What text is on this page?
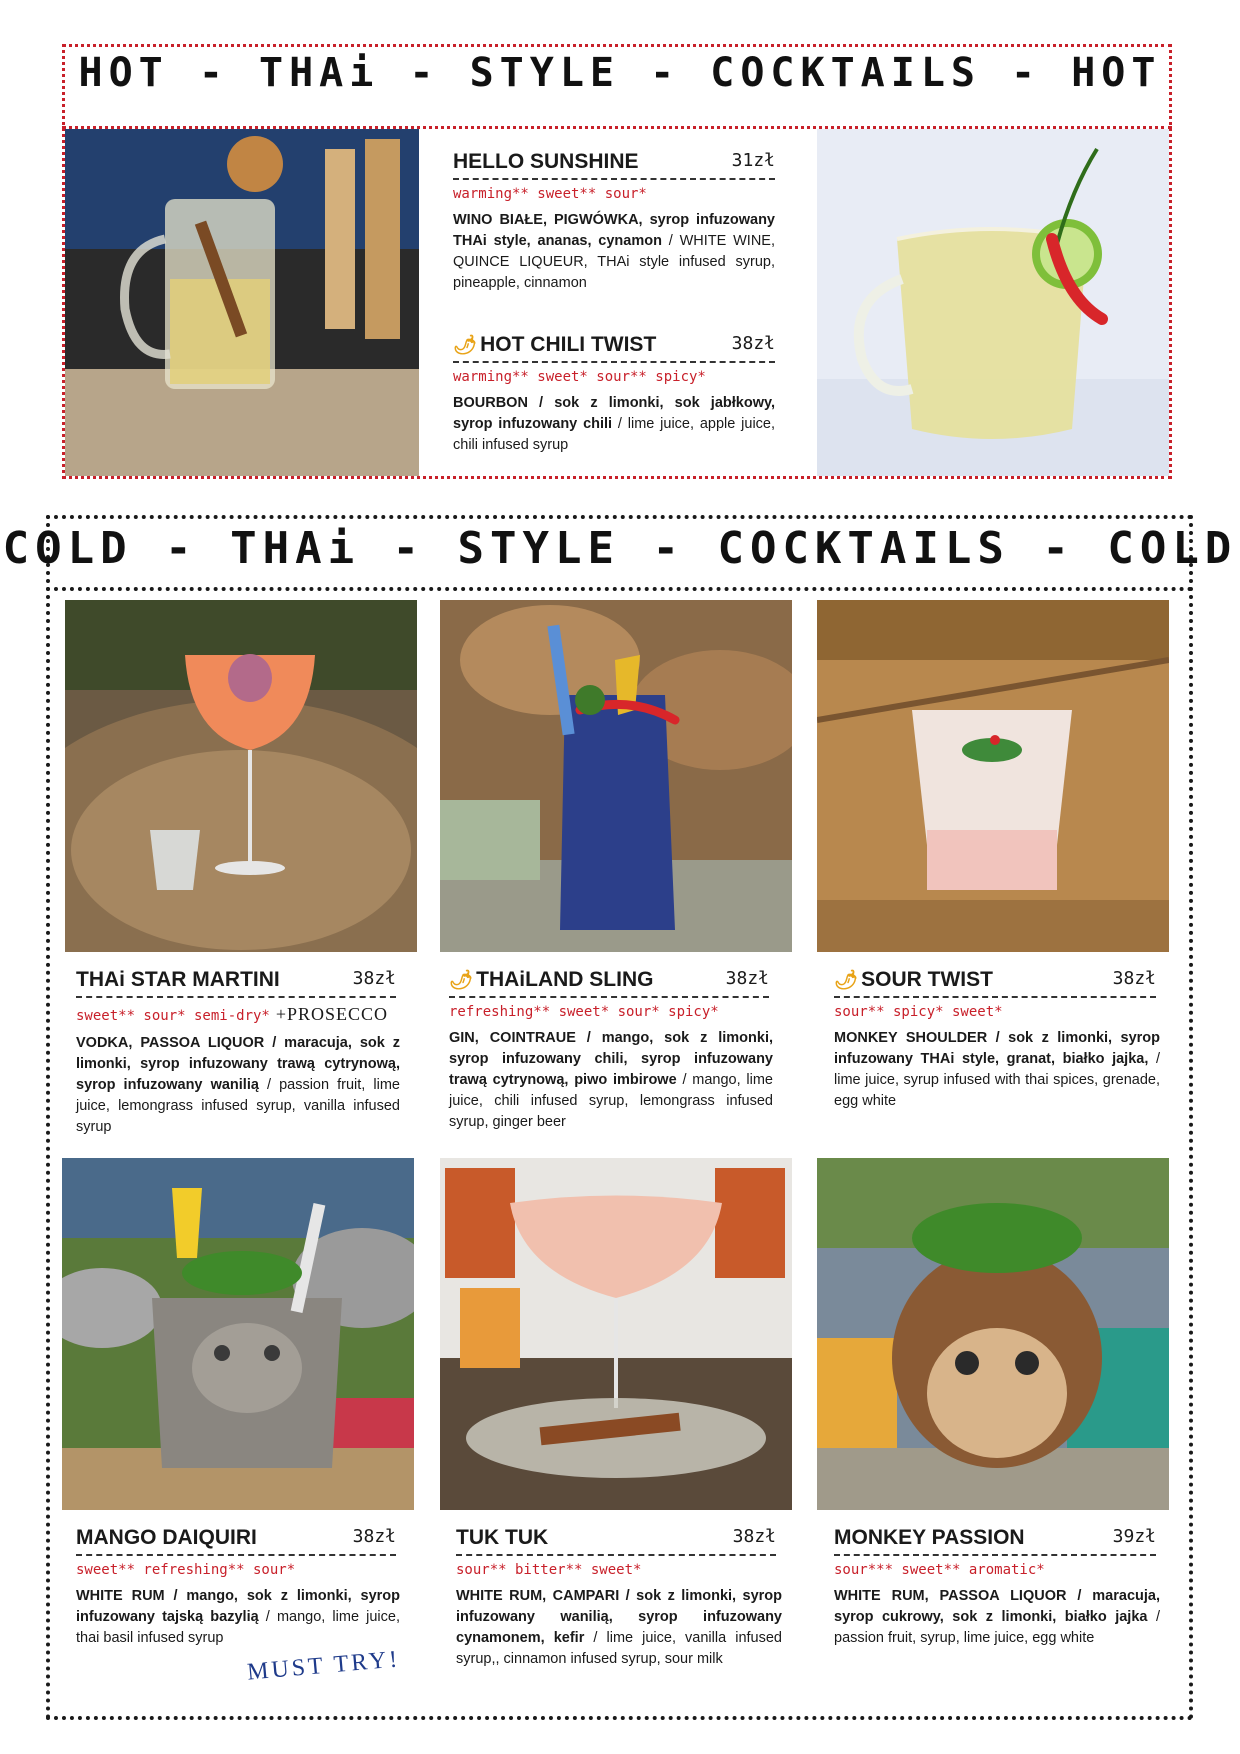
HOT - THAi - STYLE - COCKTAILS - HOT
HELLO SUNSHINE	31zł
warming** sweet** sour*
WINO BIAŁE, PIGWÓWKA, syrop infuzowany THAi style, ananas, cynamon / WHITE WINE, QUINCE LIQUEUR, THAi style infused syrup, pineapple, cinnamon
🌶 HOT CHILI TWIST	38zł
warming** sweet* sour** spicy*
BOURBON / sok z limonki, sok jabłkowy, syrop infuzowany chili / lime juice, apple juice, chili infused syrup
COLD - THAi - STYLE - COCKTAILS - COLD
THAi STAR MARTINI	38zł
sweet** sour* semi-dry* +PROSECCO
VODKA, PASSOA LIQUOR / maracuja, sok z limonki, syrop infuzowany trawą cytrynową, syrop infuzowany wanilią / passion fruit, lime juice, lemongrass infused syrup, vanilla infused syrup
🌶 THAiLAND SLING	38zł
refreshing** sweet* sour* spicy*
GIN, COINTRAUE / mango, sok z limonki, syrop infuzowany chili, syrop infuzowany trawą cytrynową, piwo imbirowe / mango, lime juice, chili infused syrup, lemongrass infused syrup, ginger beer
🌶 SOUR TWIST	38zł
sour** spicy* sweet*
MONKEY SHOULDER / sok z limonki, syrop infuzowany THAi style, granat, białko jajka, / lime juice, syrup infused with thai spices, grenade, egg white
MANGO DAIQUIRI	38zł
sweet** refreshing** sour*
WHITE RUM / mango, sok z limonki, syrop infuzowany tajską bazylią / mango, lime juice, thai basil infused syrup
TUK TUK	38zł
sour** bitter** sweet*
WHITE RUM, CAMPARI / sok z limonki, syrop infuzowany wanilią, syrop infuzowany cynamonem, kefir / lime juice, vanilla infused syrup,, cinnamon infused syrup, sour milk
MONKEY PASSION	39zł
sour*** sweet** aromatic*
WHITE RUM, PASSOA LIQUOR / maracuja, syrop cukrowy, sok z limonki, białko jajka / passion fruit, syrup, lime juice, egg white
MUST TRY!
